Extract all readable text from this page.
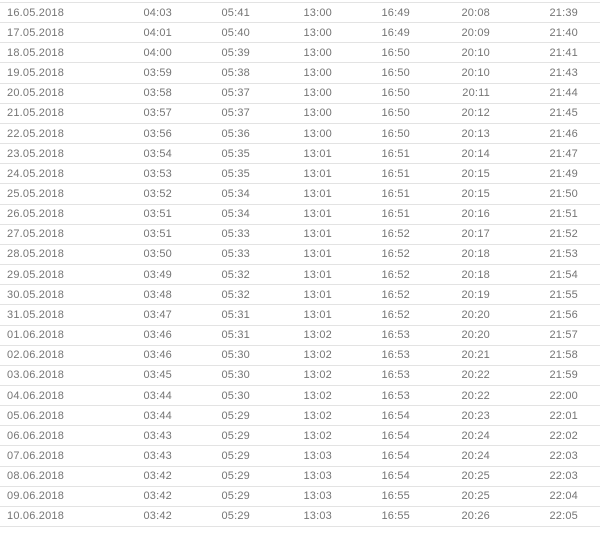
16.05.2018	04:03	05:41	13:00	16:49	20:08	21:39
17.05.2018	04:01	05:40	13:00	16:49	20:09	21:40
18.05.2018	04:00	05:39	13:00	16:50	20:10	21:41
19.05.2018	03:59	05:38	13:00	16:50	20:10	21:43
20.05.2018	03:58	05:37	13:00	16:50	20:11	21:44
21.05.2018	03:57	05:37	13:00	16:50	20:12	21:45
22.05.2018	03:56	05:36	13:00	16:50	20:13	21:46
23.05.2018	03:54	05:35	13:01	16:51	20:14	21:47
24.05.2018	03:53	05:35	13:01	16:51	20:15	21:49
25.05.2018	03:52	05:34	13:01	16:51	20:15	21:50
26.05.2018	03:51	05:34	13:01	16:51	20:16	21:51
27.05.2018	03:51	05:33	13:01	16:52	20:17	21:52
28.05.2018	03:50	05:33	13:01	16:52	20:18	21:53
29.05.2018	03:49	05:32	13:01	16:52	20:18	21:54
30.05.2018	03:48	05:32	13:01	16:52	20:19	21:55
31.05.2018	03:47	05:31	13:01	16:52	20:20	21:56
01.06.2018	03:46	05:31	13:02	16:53	20:20	21:57
02.06.2018	03:46	05:30	13:02	16:53	20:21	21:58
03.06.2018	03:45	05:30	13:02	16:53	20:22	21:59
04.06.2018	03:44	05:30	13:02	16:53	20:22	22:00
05.06.2018	03:44	05:29	13:02	16:54	20:23	22:01
06.06.2018	03:43	05:29	13:02	16:54	20:24	22:02
07.06.2018	03:43	05:29	13:03	16:54	20:24	22:03
08.06.2018	03:42	05:29	13:03	16:54	20:25	22:03
09.06.2018	03:42	05:29	13:03	16:55	20:25	22:04
10.06.2018	03:42	05:29	13:03	16:55	20:26	22:05
